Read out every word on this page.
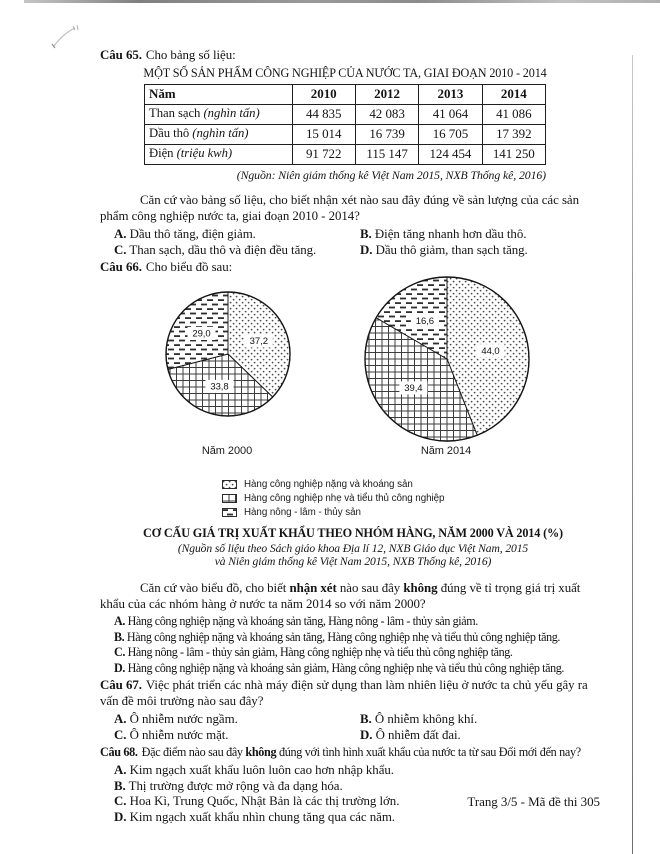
Câu 65. Cho bảng số liệu:
MỘT SỐ SẢN PHẨM CÔNG NGHIỆP CỦA NƯỚC TA, GIAI ĐOẠN 2010 - 2014
Năm	2010	2012	2013	2014
Than sạch (nghìn tấn)	44 835	42 083	41 064	41 086
Dầu thô (nghìn tấn)	15 014	16 739	16 705	17 392
Điện (triệu kwh)	91 722	115 147	124 454	141 250
(Nguồn: Niên giám thống kê Việt Nam 2015, NXB Thống kê, 2016)

Căn cứ vào bảng số liệu, cho biết nhận xét nào sau đây đúng về sản lượng của các sản phẩm công nghiệp nước ta, giai đoạn 2010 - 2014?

A. Dầu thô tăng, điện giảm.	B. Điện tăng nhanh hơn dầu thô.
C. Than sạch, dầu thô và điện đều tăng.	D. Dầu thô giảm, than sạch tăng.
Câu 66. Cho biểu đồ sau:
37,2
33,8
29,0
44,0
39,4
16,6
Năm 2000	Năm 2014
Hàng công nghiệp nặng và khoáng sản
Hàng công nghiệp nhẹ và tiểu thủ công nghiệp
Hàng nông - lâm - thủy sản
CƠ CẤU GIÁ TRỊ XUẤT KHẨU THEO NHÓM HÀNG, NĂM 2000 VÀ 2014 (%)
(Nguồn số liệu theo Sách giáo khoa Địa lí 12, NXB Giáo dục Việt Nam, 2015
và Niên giám thống kê Việt Nam 2015, NXB Thống kê, 2016)

Căn cứ vào biểu đồ, cho biết nhận xét nào sau đây không đúng về tỉ trọng giá trị xuất khẩu của các nhóm hàng ở nước ta năm 2014 so với năm 2000?

A. Hàng công nghiệp nặng và khoáng sản tăng, Hàng nông - lâm - thủy sản giảm.
B. Hàng công nghiệp nặng và khoáng sản tăng, Hàng công nghiệp nhẹ và tiểu thủ công nghiệp tăng.
C. Hàng nông - lâm - thủy sản giảm, Hàng công nghiệp nhẹ và tiểu thủ công nghiệp tăng.
D. Hàng công nghiệp nặng và khoáng sản giảm, Hàng công nghiệp nhẹ và tiểu thủ công nghiệp tăng.

Câu 67. Việc phát triển các nhà máy điện sử dụng than làm nhiên liệu ở nước ta chủ yếu gây ra vấn đề môi trường nào sau đây?

A. Ô nhiễm nước ngầm.	B. Ô nhiễm không khí.
C. Ô nhiễm nước mặt.	D. Ô nhiễm đất đai.

Câu 68. Đặc điểm nào sau đây không đúng với tình hình xuất khẩu của nước ta từ sau Đổi mới đến nay?

A. Kim ngạch xuất khẩu luôn luôn cao hơn nhập khẩu.
B. Thị trường được mở rộng và đa dạng hóa.
C. Hoa Kì, Trung Quốc, Nhật Bản là các thị trường lớn.
D. Kim ngạch xuất khẩu nhìn chung tăng qua các năm.
Trang 3/5 - Mã đề thi 305
